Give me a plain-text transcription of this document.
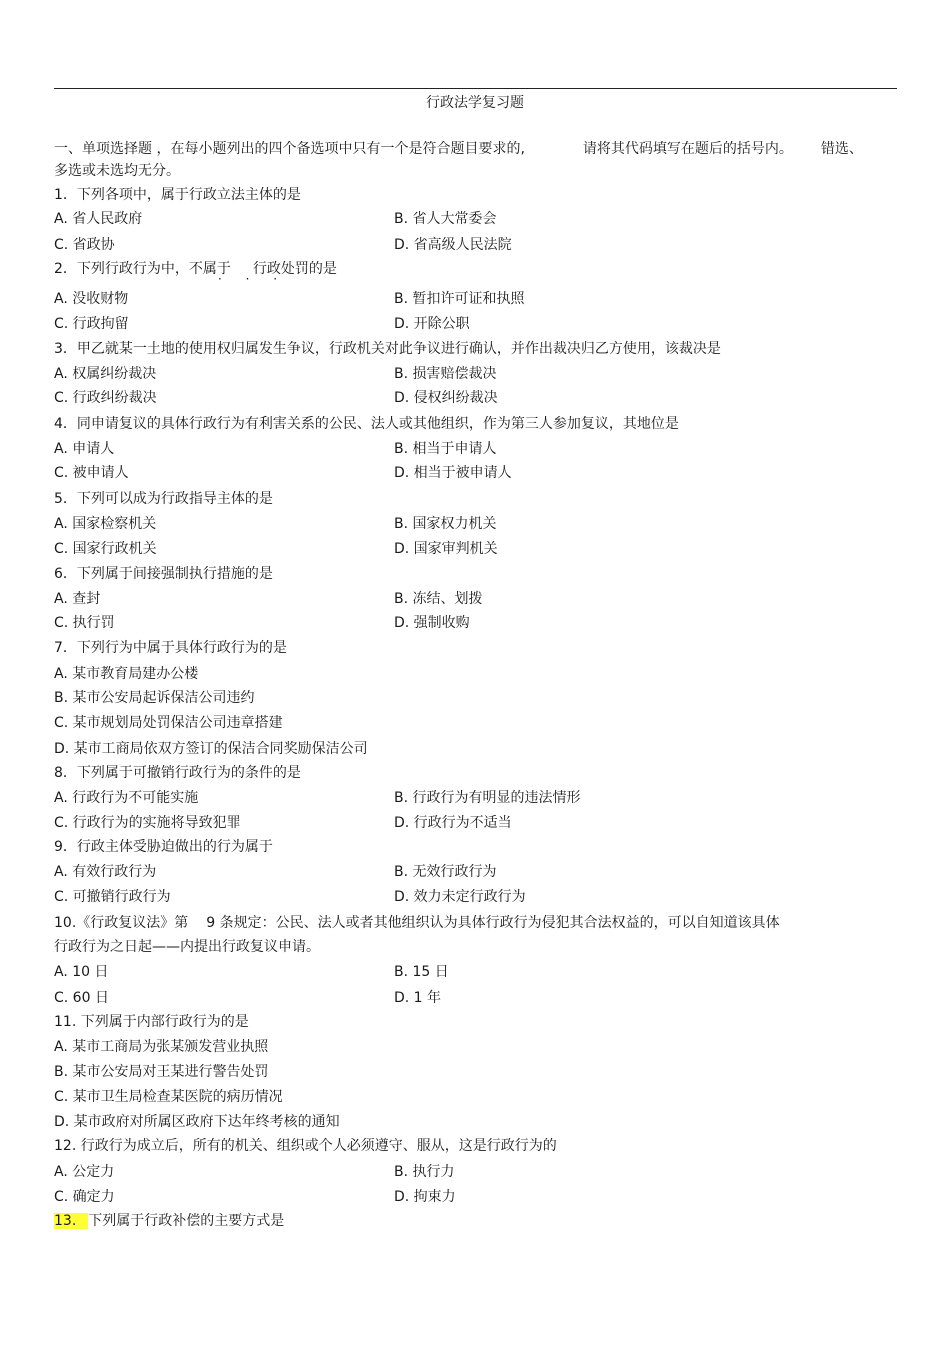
行政法学复习题
一、单项选择题 ，在每小题列出的四个备选项中只有一个是符合题目要求的,	请将其代码填写在题后的括号内。 错选、
多选或未选均无分。
1．下列各项中，属于行政立法主体的是
A. 省人民政府	B. 省人大常委会
C. 省政协	D. 省高级人民法院
2．下列行政行为中，不属于 行政处罚的是
· · ·
A. 没收财物	B. 暂扣许可证和执照
C. 行政拘留	D. 开除公职
3．甲乙就某一土地的使用权归属发生争议，行政机关对此争议进行确认，并作出裁决归乙方使用，该裁决是
A. 权属纠纷裁决	B. 损害赔偿裁决
C. 行政纠纷裁决	D. 侵权纠纷裁决
4．同申请复议的具体行政行为有利害关系的公民、法人或其他组织，作为第三人参加复议，其地位是
A. 申请人	B. 相当于申请人
C. 被申请人	D. 相当于被申请人
5．下列可以成为行政指导主体的是
A. 国家检察机关	B. 国家权力机关
C. 国家行政机关	D. 国家审判机关
6．下列属于间接强制执行措施的是
A. 查封	B. 冻结、划拨
C. 执行罚	D. 强制收购
7．下列行为中属于具体行政行为的是
A. 某市教育局建办公楼
B. 某市公安局起诉保洁公司违约
C. 某市规划局处罚保洁公司违章搭建
D. 某市工商局依双方签订的保洁合同奖励保洁公司
8．下列属于可撤销行政行为的条件的是
A. 行政行为不可能实施	B. 行政行为有明显的违法情形
C. 行政行为的实施将导致犯罪	D. 行政行为不适当
9．行政主体受胁迫做出的行为属于
A. 有效行政行为	B. 无效行政行为
C. 可撤销行政行为	D. 效力未定行政行为
10.《行政复议法》第 9 条规定：公民、法人或者其他组织认为具体行政行为侵犯其合法权益的，可以自知道该具体
行政行为之日起——内提出行政复议申请。
A. 10 日	B. 15 日
C. 60 日	D. 1 年
11. 下列属于内部行政行为的是
A. 某市工商局为张某颁发营业执照
B. 某市公安局对王某进行警告处罚
C. 某市卫生局检查某医院的病历情况
D. 某市政府对所属区政府下达年终考核的通知
12. 行政行为成立后，所有的机关、组织或个人必须遵守、服从，这是行政行为的
A. 公定力	B. 执行力
C. 确定力	D. 拘束力
13. 下列属于行政补偿的主要方式是
